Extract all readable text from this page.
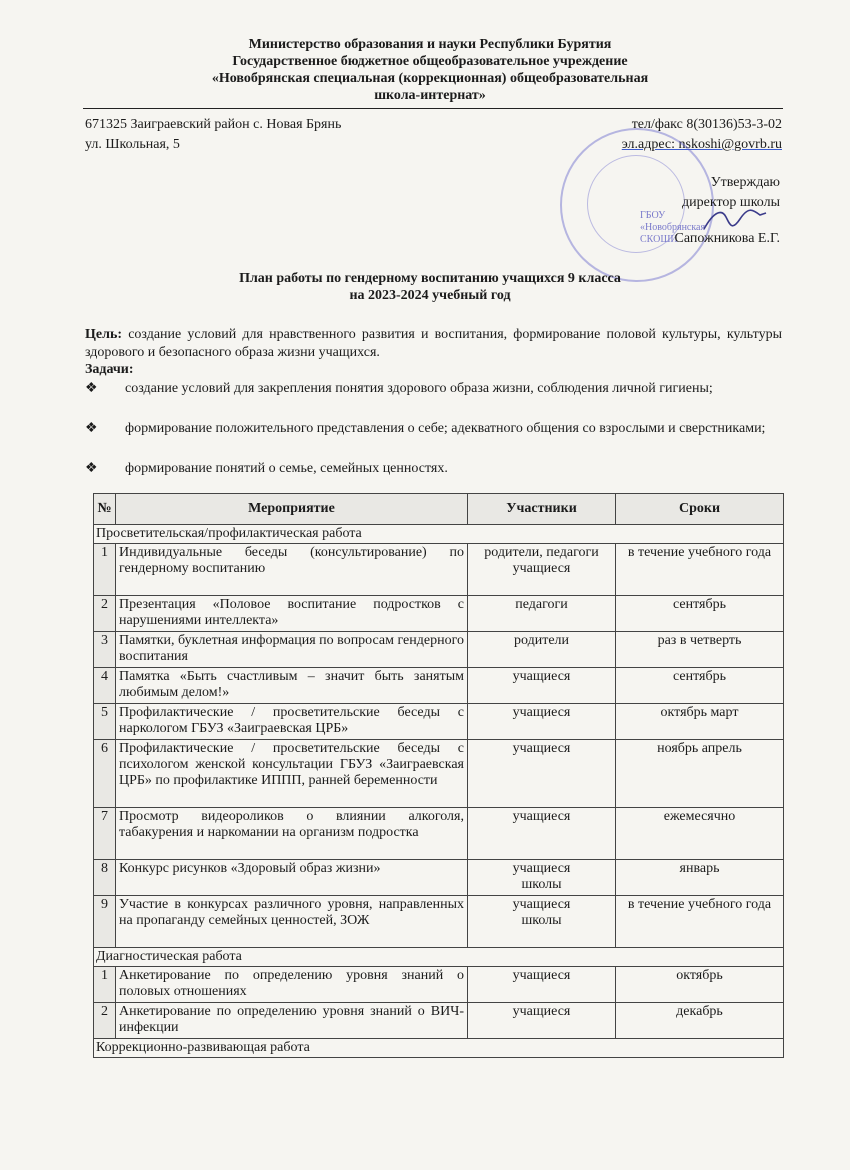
Министерство образования и науки Республики Бурятия
Государственное бюджетное общеобразовательное учреждение
«Новобрянская специальная (коррекционная) общеобразовательная
школа-интернат»
671325 Заиграевский район с. Новая Брянь
ул. Школьная, 5
тел/факс 8(30136)53-3-02
эл.адрес: nskoshi@govrb.ru
ГБОУ
«Новобрянская
СКОШИ
Утверждаю
директор школы
Сапожникова Е.Г.
План работы по гендерному воспитанию учащихся 9 класса
на 2023-2024 учебный год
Цель: создание условий для нравственного развития и воспитания, формирование половой культуры, культуры здорового и безопасного образа жизни учащихся.
Задачи:
❖ создание условий для закрепления понятия здорового образа жизни, соблюдения личной гигиены;
❖ формирование положительного представления о себе; адекватного общения со взрослыми и сверстниками;
❖ формирование понятий о семье, семейных ценностях.
№	Мероприятие	Участники	Сроки
Просветительская/профилактическая работа			
1	Индивидуальные беседы (консультирование) по гендерному воспитанию	родители, педагоги учащиеся	в течение учебного года
2	Презентация «Половое воспитание подростков с нарушениями интеллекта»	педагоги	сентябрь
3	Памятки, буклетная информация по вопросам гендерного воспитания	родители	раз в четверть
4	Памятка «Быть счастливым – значит быть занятым любимым делом!»	учащиеся	сентябрь
5	Профилактические / просветительские беседы с наркологом ГБУЗ «Заиграевская ЦРБ»	учащиеся	октябрь март
6	Профилактические / просветительские беседы с психологом женской консультации ГБУЗ «Заиграевская ЦРБ» по профилактике ИППП, ранней беременности	учащиеся	ноябрь апрель
7	Просмотр видеороликов о влиянии алкоголя, табакурения и наркомании на организм подростка	учащиеся	ежемесячно
8	Конкурс рисунков «Здоровый образ жизни»	учащиеся школы	январь
9	Участие в конкурсах различного уровня, направленных на пропаганду семейных ценностей, ЗОЖ	учащиеся школы	в течение учебного года
Диагностическая работа			
1	Анкетирование по определению уровня знаний о половых отношениях	учащиеся	октябрь
2	Анкетирование по определению уровня знаний о ВИЧ-инфекции	учащиеся	декабрь
Коррекционно-развивающая работа			
